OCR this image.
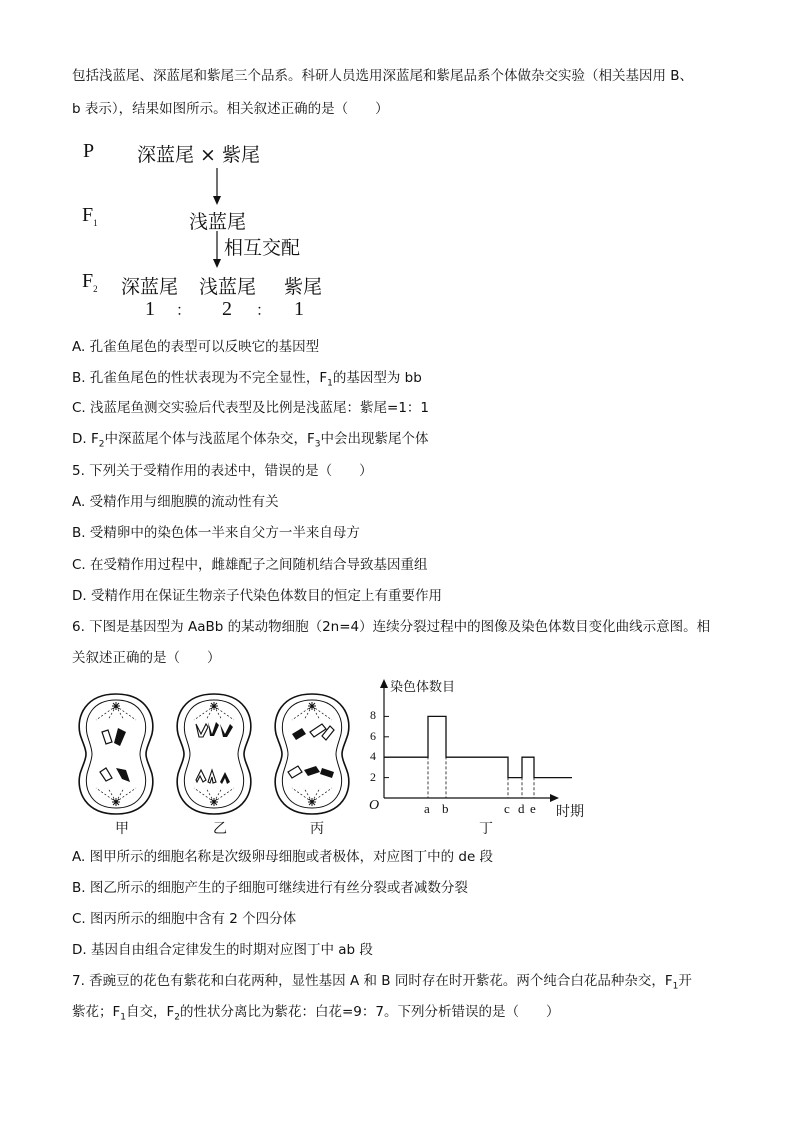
包括浅蓝尾、深蓝尾和紫尾三个品系。科研人员选用深蓝尾和紫尾品系个体做杂交实验（相关基因用 B、
b 表示），结果如图所示。相关叙述正确的是（　　）
P 深蓝尾 × 紫尾
$F_1$	浅蓝尾
相互交配
$F_2$ 深蓝尾 浅蓝尾 紫尾
1 ： 2 ： 1
A. 孔雀鱼尾色的表型可以反映它的基因型
B. 孔雀鱼尾色的性状表现为不完全显性，$F_1$的基因型为 bb
C. 浅蓝尾鱼测交实验后代表型及比例是浅蓝尾：紫尾=1：1
D. $F_2$中深蓝尾个体与浅蓝尾个体杂交，$F_3$中会出现紫尾个体
5. 下列关于受精作用的表述中，错误的是（　　）
A. 受精作用与细胞膜的流动性有关
B. 受精卵中的染色体一半来自父方一半来自母方
C. 在受精作用过程中，雌雄配子之间随机结合导致基因重组
D. 受精作用在保证生物亲子代染色体数目的恒定上有重要作用
6. 下图是基因型为 AaBb 的某动物细胞（2n=4）连续分裂过程中的图像及染色体数目变化曲线示意图。相
关叙述正确的是（　　）
甲	乙	丙
染色体数目
O	时期
丁
2
4
6
8
a b	c d e
A. 图甲所示的细胞名称是次级卵母细胞或者极体，对应图丁中的 de 段
B. 图乙所示的细胞产生的子细胞可继续进行有丝分裂或者减数分裂
C. 图丙所示的细胞中含有 2 个四分体
D. 基因自由组合定律发生的时期对应图丁中 ab 段
7. 香豌豆的花色有紫花和白花两种，显性基因 A 和 B 同时存在时开紫花。两个纯合白花品种杂交，$F_1$开
紫花；$F_1$自交，$F_2$的性状分离比为紫花：白花=9：7。下列分析错误的是（　　）
